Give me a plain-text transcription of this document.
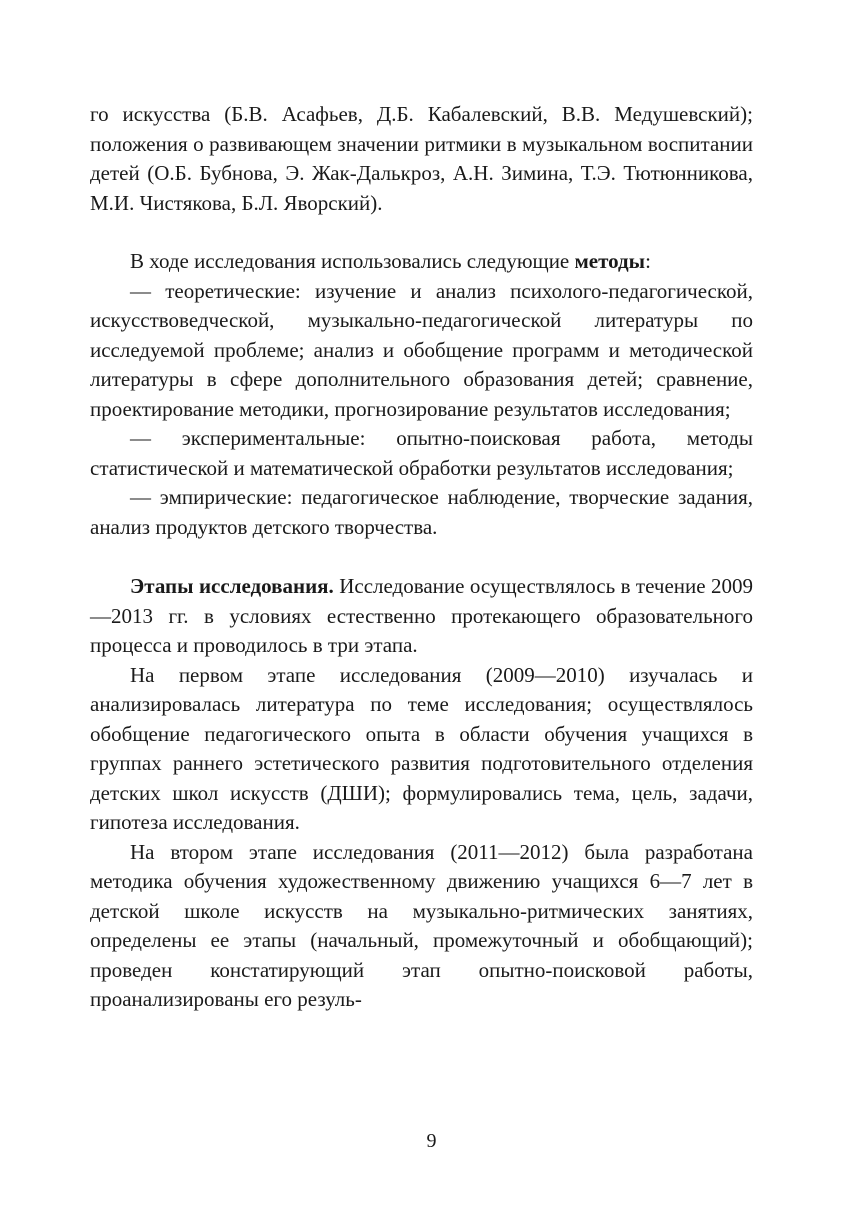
го искусства (Б.В. Асафьев, Д.Б. Кабалевский, В.В. Медушевский); положения о развивающем значении ритмики в музыкальном воспитании детей (О.Б. Бубнова, Э. Жак-Далькроз, А.Н. Зимина, Т.Э. Тютюнникова, М.И. Чистякова, Б.Л. Яворский).

В ходе исследования использовались следующие методы:

— теоретические: изучение и анализ психолого-педагогической, искусствоведческой, музыкально-педагогической литературы по исследуемой проблеме; анализ и обобщение программ и методической литературы в сфере дополнительного образования детей; сравнение, проектирование методики, прогнозирование результатов исследования;

— экспериментальные: опытно-поисковая работа, методы статистической и математической обработки результатов исследования;

— эмпирические: педагогическое наблюдение, творческие задания, анализ продуктов детского творчества.

Этапы исследования. Исследование осуществлялось в течение 2009—2013 гг. в условиях естественно протекающего образовательного процесса и проводилось в три этапа.

На первом этапе исследования (2009—2010) изучалась и анализировалась литература по теме исследования; осуществлялось обобщение педагогического опыта в области обучения учащихся в группах раннего эстетического развития подготовительного отделения детских школ искусств (ДШИ); формулировались тема, цель, задачи, гипотеза исследования.

На втором этапе исследования (2011—2012) была разработана методика обучения художественному движению учащихся 6—7 лет в детской школе искусств на музыкально-ритмических занятиях, определены ее этапы (начальный, промежуточный и обобщающий); проведен констатирующий этап опытно-поисковой работы, проанализированы его резуль-

9
